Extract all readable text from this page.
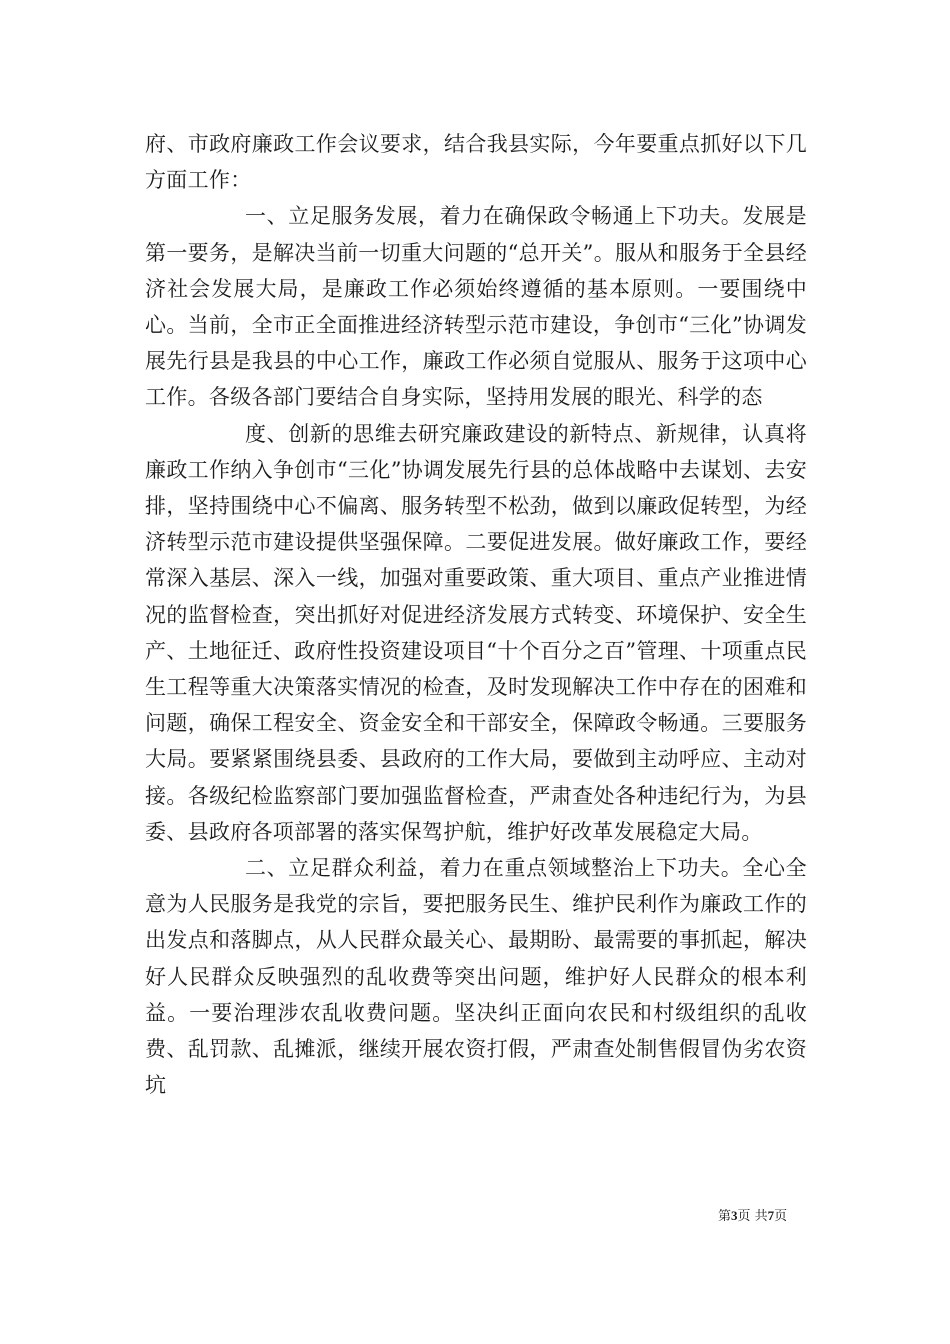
府、市政府廉政工作会议要求，结合我县实际，今年要重点抓好以下几方面工作：

一、立足服务发展，着力在确保政令畅通上下功夫。发展是第一要务，是解决当前一切重大问题的“总开关”。服从和服务于全县经济社会发展大局，是廉政工作必须始终遵循的基本原则。一要围绕中心。当前，全市正全面推进经济转型示范市建设，争创市“三化”协调发展先行县是我县的中心工作，廉政工作必须自觉服从、服务于这项中心工作。各级各部门要结合自身实际，坚持用发展的眼光、科学的态

度、创新的思维去研究廉政建设的新特点、新规律，认真将廉政工作纳入争创市“三化”协调发展先行县的总体战略中去谋划、去安排，坚持围绕中心不偏离、服务转型不松劲，做到以廉政促转型，为经济转型示范市建设提供坚强保障。二要促进发展。做好廉政工作，要经常深入基层、深入一线，加强对重要政策、重大项目、重点产业推进情况的监督检查，突出抓好对促进经济发展方式转变、环境保护、安全生产、土地征迁、政府性投资建设项目“十个百分之百”管理、十项重点民生工程等重大决策落实情况的检查，及时发现解决工作中存在的困难和问题，确保工程安全、资金安全和干部安全，保障政令畅通。三要服务大局。要紧紧围绕县委、县政府的工作大局，要做到主动呼应、主动对接。各级纪检监察部门要加强监督检查，严肃查处各种违纪行为，为县委、县政府各项部署的落实保驾护航，维护好改革发展稳定大局。

二、立足群众利益，着力在重点领域整治上下功夫。全心全意为人民服务是我党的宗旨，要把服务民生、维护民利作为廉政工作的出发点和落脚点，从人民群众最关心、最期盼、最需要的事抓起，解决好人民群众反映强烈的乱收费等突出问题，维护好人民群众的根本利益。一要治理涉农乱收费问题。坚决纠正面向农民和村级组织的乱收费、乱罚款、乱摊派，继续开展农资打假，严肃查处制售假冒伪劣农资坑

第3页 共7页
